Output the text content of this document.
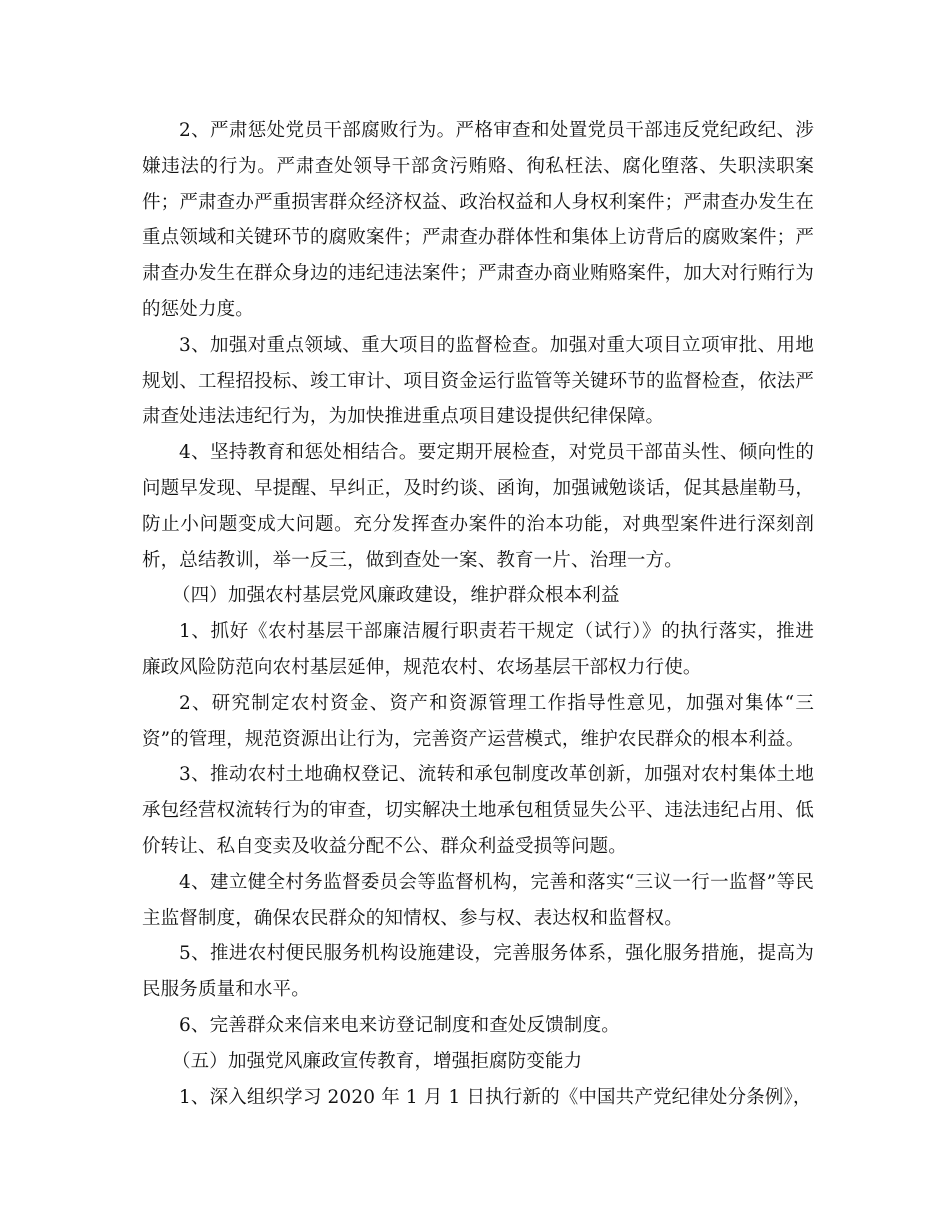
2、严肃惩处党员干部腐败行为。严格审查和处置党员干部违反党纪政纪、涉嫌违法的行为。严肃查处领导干部贪污贿赂、徇私枉法、腐化堕落、失职渎职案件；严肃查办严重损害群众经济权益、政治权益和人身权利案件；严肃查办发生在重点领域和关键环节的腐败案件；严肃查办群体性和集体上访背后的腐败案件；严肃查办发生在群众身边的违纪违法案件；严肃查办商业贿赂案件，加大对行贿行为的惩处力度。

3、加强对重点领域、重大项目的监督检查。加强对重大项目立项审批、用地规划、工程招投标、竣工审计、项目资金运行监管等关键环节的监督检查，依法严肃查处违法违纪行为，为加快推进重点项目建设提供纪律保障。

4、坚持教育和惩处相结合。要定期开展检查，对党员干部苗头性、倾向性的问题早发现、早提醒、早纠正，及时约谈、函询，加强诫勉谈话，促其悬崖勒马，防止小问题变成大问题。充分发挥查办案件的治本功能，对典型案件进行深刻剖析，总结教训，举一反三，做到查处一案、教育一片、治理一方。

（四）加强农村基层党风廉政建设，维护群众根本利益

1、抓好《农村基层干部廉洁履行职责若干规定（试行）》的执行落实，推进廉政风险防范向农村基层延伸，规范农村、农场基层干部权力行使。

2、研究制定农村资金、资产和资源管理工作指导性意见，加强对集体“三资”的管理，规范资源出让行为，完善资产运营模式，维护农民群众的根本利益。

3、推动农村土地确权登记、流转和承包制度改革创新，加强对农村集体土地承包经营权流转行为的审查，切实解决土地承包租赁显失公平、违法违纪占用、低价转让、私自变卖及收益分配不公、群众利益受损等问题。

4、建立健全村务监督委员会等监督机构，完善和落实“三议一行一监督”等民主监督制度，确保农民群众的知情权、参与权、表达权和监督权。

5、推进农村便民服务机构设施建设，完善服务体系，强化服务措施，提高为民服务质量和水平。

6、完善群众来信来电来访登记制度和查处反馈制度。

（五）加强党风廉政宣传教育，增强拒腐防变能力

1、深入组织学习 2020 年 1 月 1 日执行新的《中国共产党纪律处分条例》，
